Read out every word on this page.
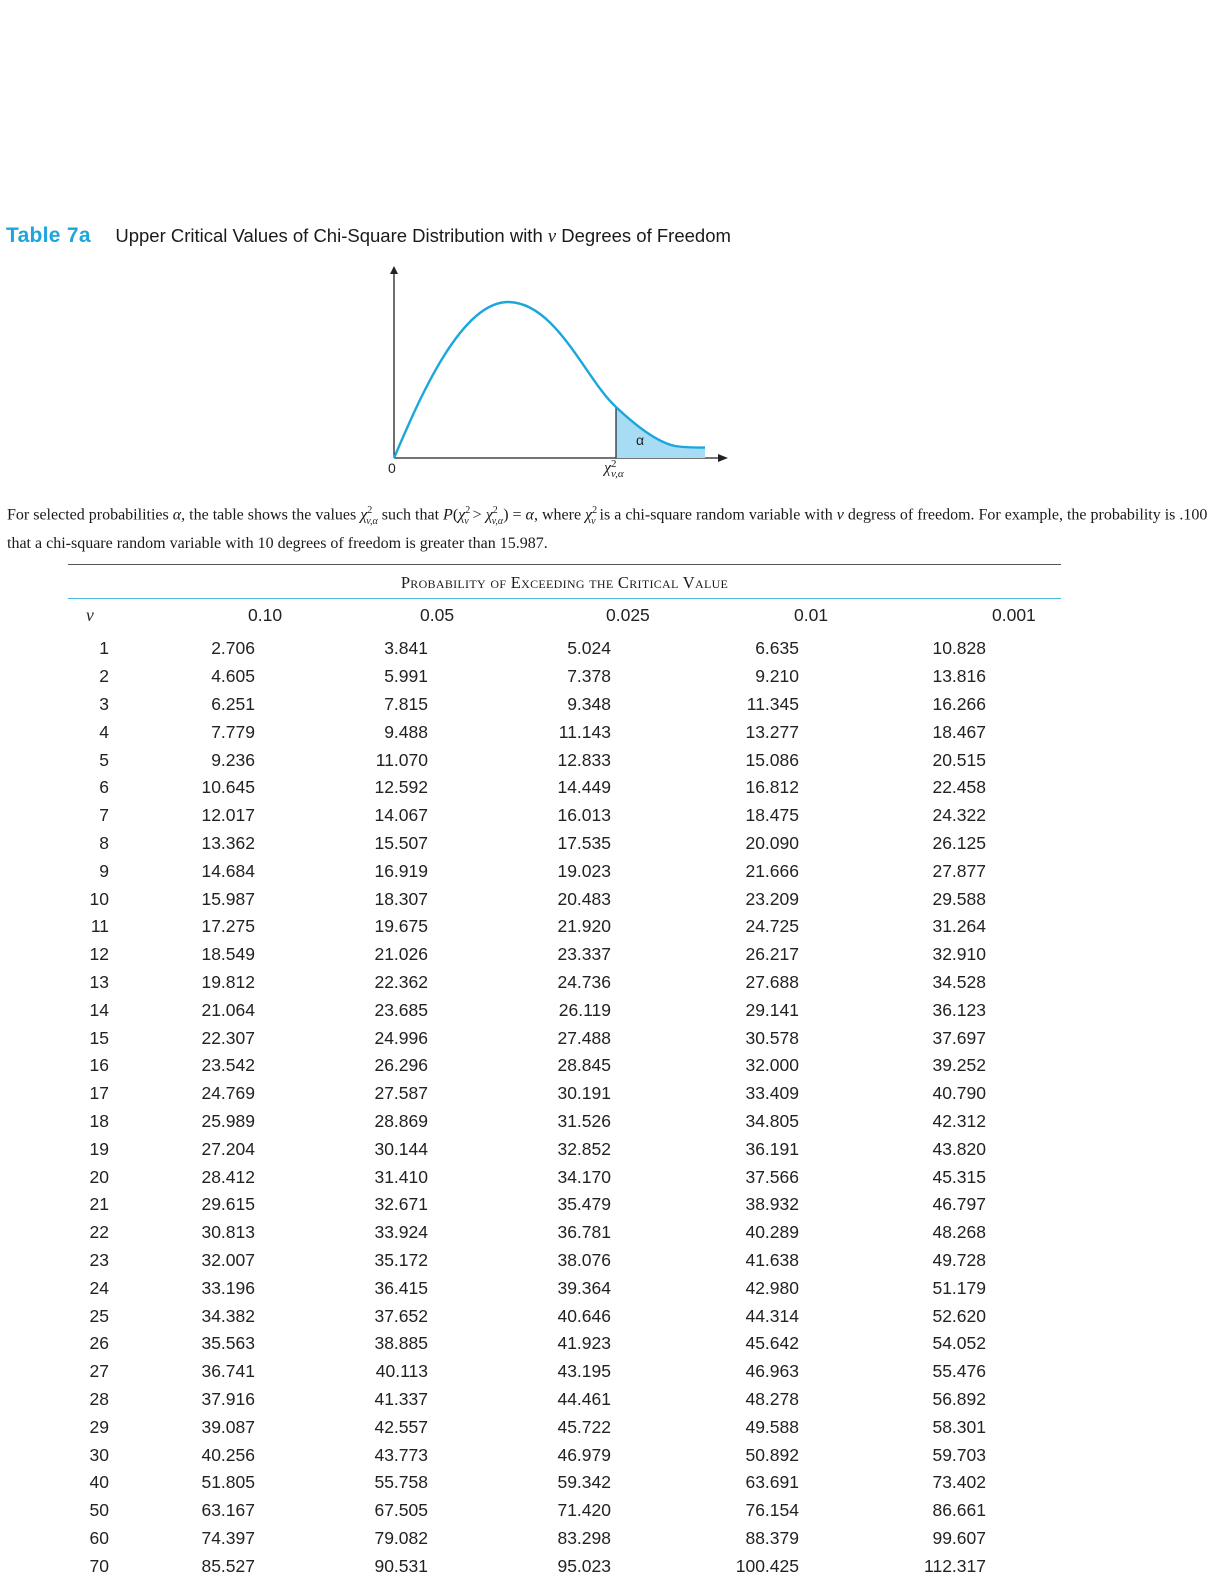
Table 7a Upper Critical Values of Chi-Square Distribution with ν Degrees of Freedom
0
α
χ 2
v,α
For selected probabilities α, the table shows the values $\chi^2_{v,\alpha}$ such that $P(\chi^2_v > \chi^2_{v,\alpha}) = \alpha$, where $\chi^2_v$ is a chi-square random variable with v degress of freedom. For example, the probability is .100 that a chi-square random variable with 10 degrees of freedom is greater than 15.987.
Probability of Exceeding the Critical Value
ν	0.10	0.05	0.025	0.01	0.001
1	2.706	3.841	5.024	6.635	10.828
2	4.605	5.991	7.378	9.210	13.816
3	6.251	7.815	9.348	11.345	16.266
4	7.779	9.488	11.143	13.277	18.467
5	9.236	11.070	12.833	15.086	20.515
6	10.645	12.592	14.449	16.812	22.458
7	12.017	14.067	16.013	18.475	24.322
8	13.362	15.507	17.535	20.090	26.125
9	14.684	16.919	19.023	21.666	27.877
10	15.987	18.307	20.483	23.209	29.588
11	17.275	19.675	21.920	24.725	31.264
12	18.549	21.026	23.337	26.217	32.910
13	19.812	22.362	24.736	27.688	34.528
14	21.064	23.685	26.119	29.141	36.123
15	22.307	24.996	27.488	30.578	37.697
16	23.542	26.296	28.845	32.000	39.252
17	24.769	27.587	30.191	33.409	40.790
18	25.989	28.869	31.526	34.805	42.312
19	27.204	30.144	32.852	36.191	43.820
20	28.412	31.410	34.170	37.566	45.315
21	29.615	32.671	35.479	38.932	46.797
22	30.813	33.924	36.781	40.289	48.268
23	32.007	35.172	38.076	41.638	49.728
24	33.196	36.415	39.364	42.980	51.179
25	34.382	37.652	40.646	44.314	52.620
26	35.563	38.885	41.923	45.642	54.052
27	36.741	40.113	43.195	46.963	55.476
28	37.916	41.337	44.461	48.278	56.892
29	39.087	42.557	45.722	49.588	58.301
30	40.256	43.773	46.979	50.892	59.703
40	51.805	55.758	59.342	63.691	73.402
50	63.167	67.505	71.420	76.154	86.661
60	74.397	79.082	83.298	88.379	99.607
70	85.527	90.531	95.023	100.425	112.317
